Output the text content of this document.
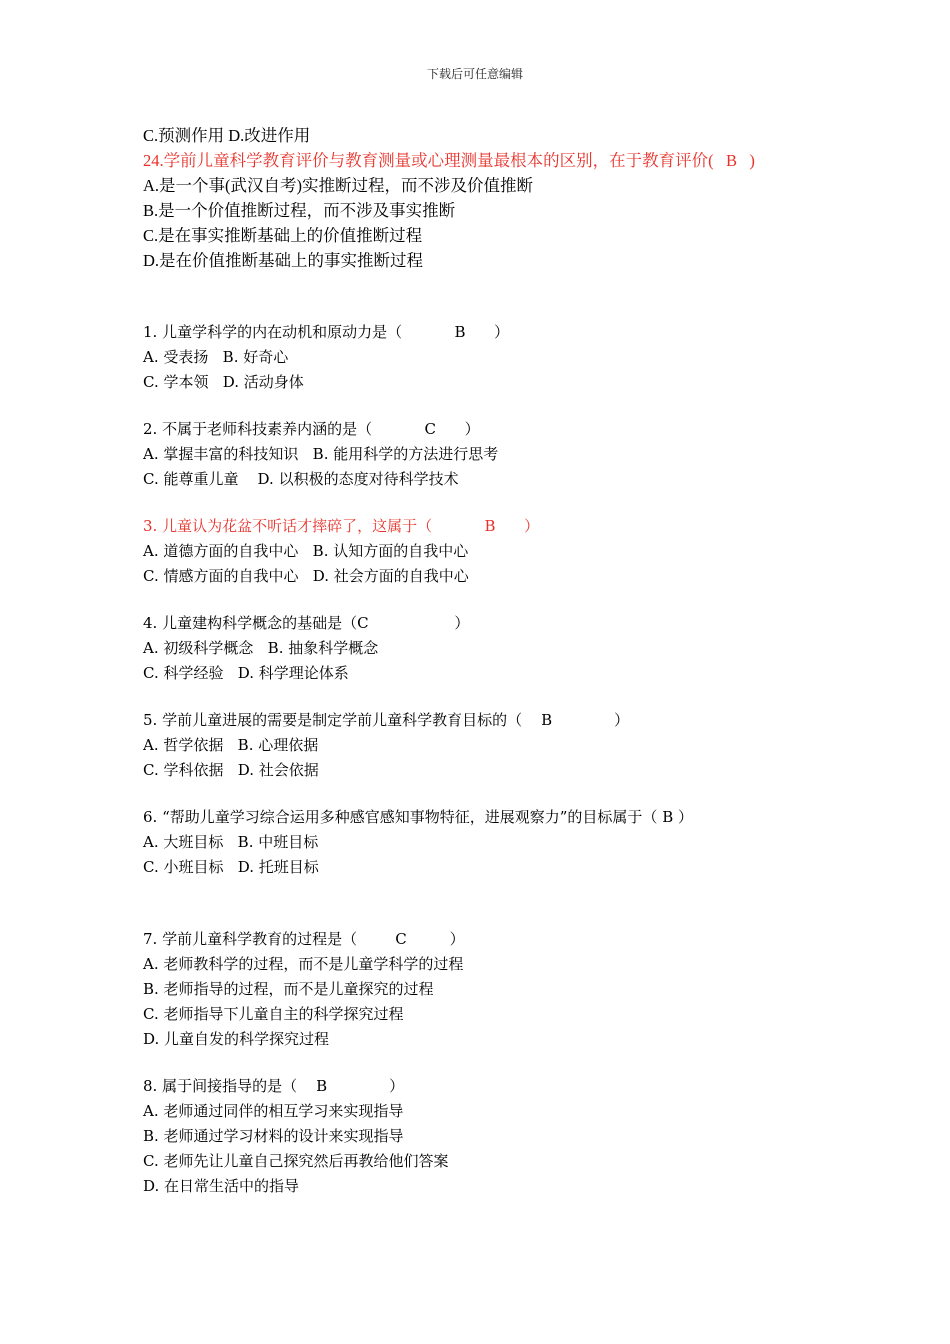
下载后可任意编辑
C.预测作用 D.改进作用
24.学前儿童科学教育评价与教育测量或心理测量最根本的区别，在于教育评价(   B   )
A.是一个事(武汉自考)实推断过程，而不涉及价值推断
B.是一个价值推断过程，而不涉及事实推断
C.是在事实推断基础上的价值推断过程
D.是在价值推断基础上的事实推断过程
1. 儿童学科学的内在动机和原动力是（           B      ）
A. 受表扬   B. 好奇心
C. 学本领   D. 活动身体
2. 不属于老师科技素养内涵的是（           C      ）
A. 掌握丰富的科技知识   B. 能用科学的方法进行思考
C. 能尊重儿童    D. 以积极的态度对待科学技术
3. 儿童认为花盆不听话才摔碎了，这属于（           B      ）
A. 道德方面的自我中心   B. 认知方面的自我中心
C. 情感方面的自我中心   D. 社会方面的自我中心
4. 儿童建构科学概念的基础是（C                  ）
A. 初级科学概念   B. 抽象科学概念
C. 科学经验   D. 科学理论体系
5. 学前儿童进展的需要是制定学前儿童科学教育目标的（    B             ）
A. 哲学依据   B. 心理依据
C. 学科依据   D. 社会依据
6. “帮助儿童学习综合运用多种感官感知事物特征，进展观察力”的目标属于（ B ）
A. 大班目标   B. 中班目标
C. 小班目标   D. 托班目标
7. 学前儿童科学教育的过程是（        C         ）
A. 老师教科学的过程，而不是儿童学科学的过程
B. 老师指导的过程，而不是儿童探究的过程
C. 老师指导下儿童自主的科学探究过程
D. 儿童自发的科学探究过程
8. 属于间接指导的是（    B             ）
A. 老师通过同伴的相互学习来实现指导
B. 老师通过学习材料的设计来实现指导
C. 老师先让儿童自己探究然后再教给他们答案
D. 在日常生活中的指导
